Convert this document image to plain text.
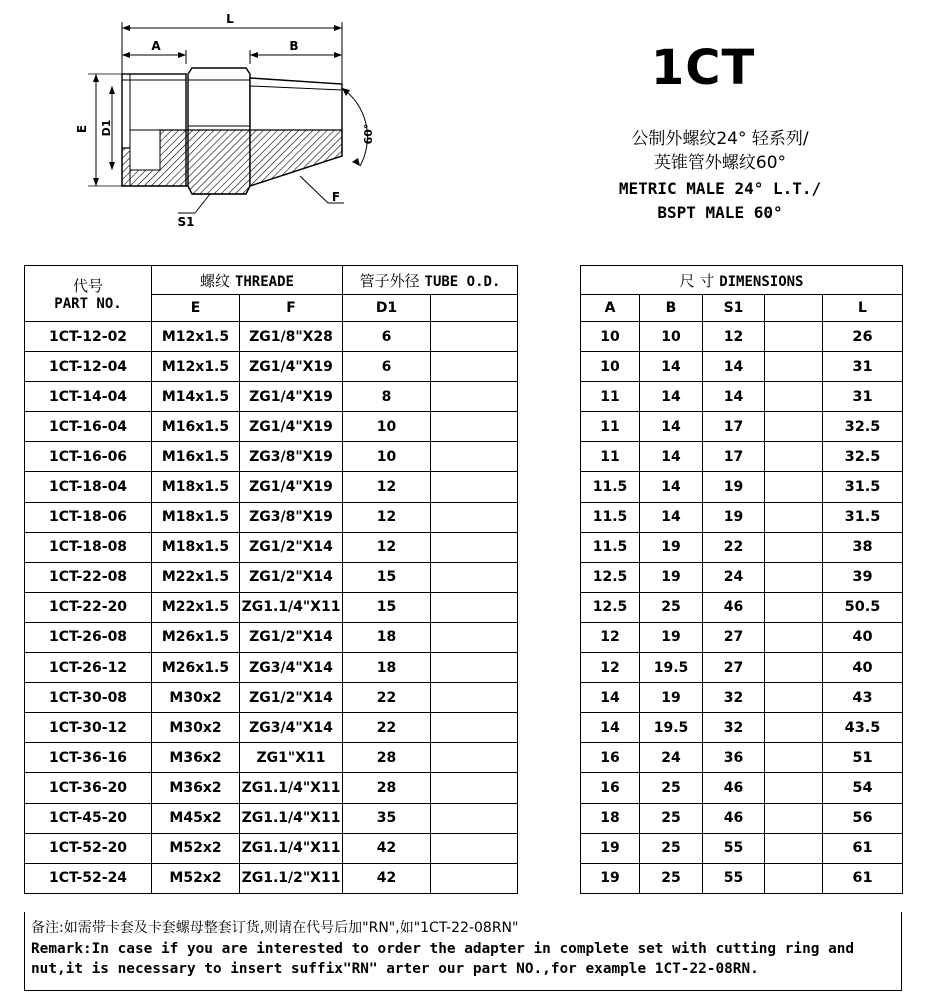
L
A	B
E D1	60°
S1
F
1CT
公制外螺纹24° 轻系列/
英锥管外螺纹60°
METRIC MALE 24° L.T./
BSPT MALE 60°
代号
PART NO.	螺纹 THREADE		管子外径 TUBE O.D.			尺 寸 DIMENSIONS				
	E	F	D1			A	B	S1		L
1CT-12-02	M12x1.5	ZG1/8"X28	6			10	10	12		26
1CT-12-04	M12x1.5	ZG1/4"X19	6			10	14	14		31
1CT-14-04	M14x1.5	ZG1/4"X19	8			11	14	14		31
1CT-16-04	M16x1.5	ZG1/4"X19	10			11	14	17		32.5
1CT-16-06	M16x1.5	ZG3/8"X19	10			11	14	17		32.5
1CT-18-04	M18x1.5	ZG1/4"X19	12			11.5	14	19		31.5
1CT-18-06	M18x1.5	ZG3/8"X19	12			11.5	14	19		31.5
1CT-18-08	M18x1.5	ZG1/2"X14	12			11.5	19	22		38
1CT-22-08	M22x1.5	ZG1/2"X14	15			12.5	19	24		39
1CT-22-20	M22x1.5	ZG1.1/4"X11	15			12.5	25	46		50.5
1CT-26-08	M26x1.5	ZG1/2"X14	18			12	19	27		40
1CT-26-12	M26x1.5	ZG3/4"X14	18			12	19.5	27		40
1CT-30-08	M30x2	ZG1/2"X14	22			14	19	32		43
1CT-30-12	M30x2	ZG3/4"X14	22			14	19.5	32		43.5
1CT-36-16	M36x2	ZG1"X11	28			16	24	36		51
1CT-36-20	M36x2	ZG1.1/4"X11	28			16	25	46		54
1CT-45-20	M45x2	ZG1.1/4"X11	35			18	25	46		56
1CT-52-20	M52x2	ZG1.1/4"X11	42			19	25	55		61
1CT-52-24	M52x2	ZG1.1/2"X11	42			19	25	55		61
备注:如需带卡套及卡套螺母整套订货,则请在代号后加"RN",如"1CT-22-08RN"
Remark:In case if you are interested to order the adapter in complete set with cutting ring and
nut,it is necessary to insert suffix"RN" arter our part NO.,for example 1CT-22-08RN.
